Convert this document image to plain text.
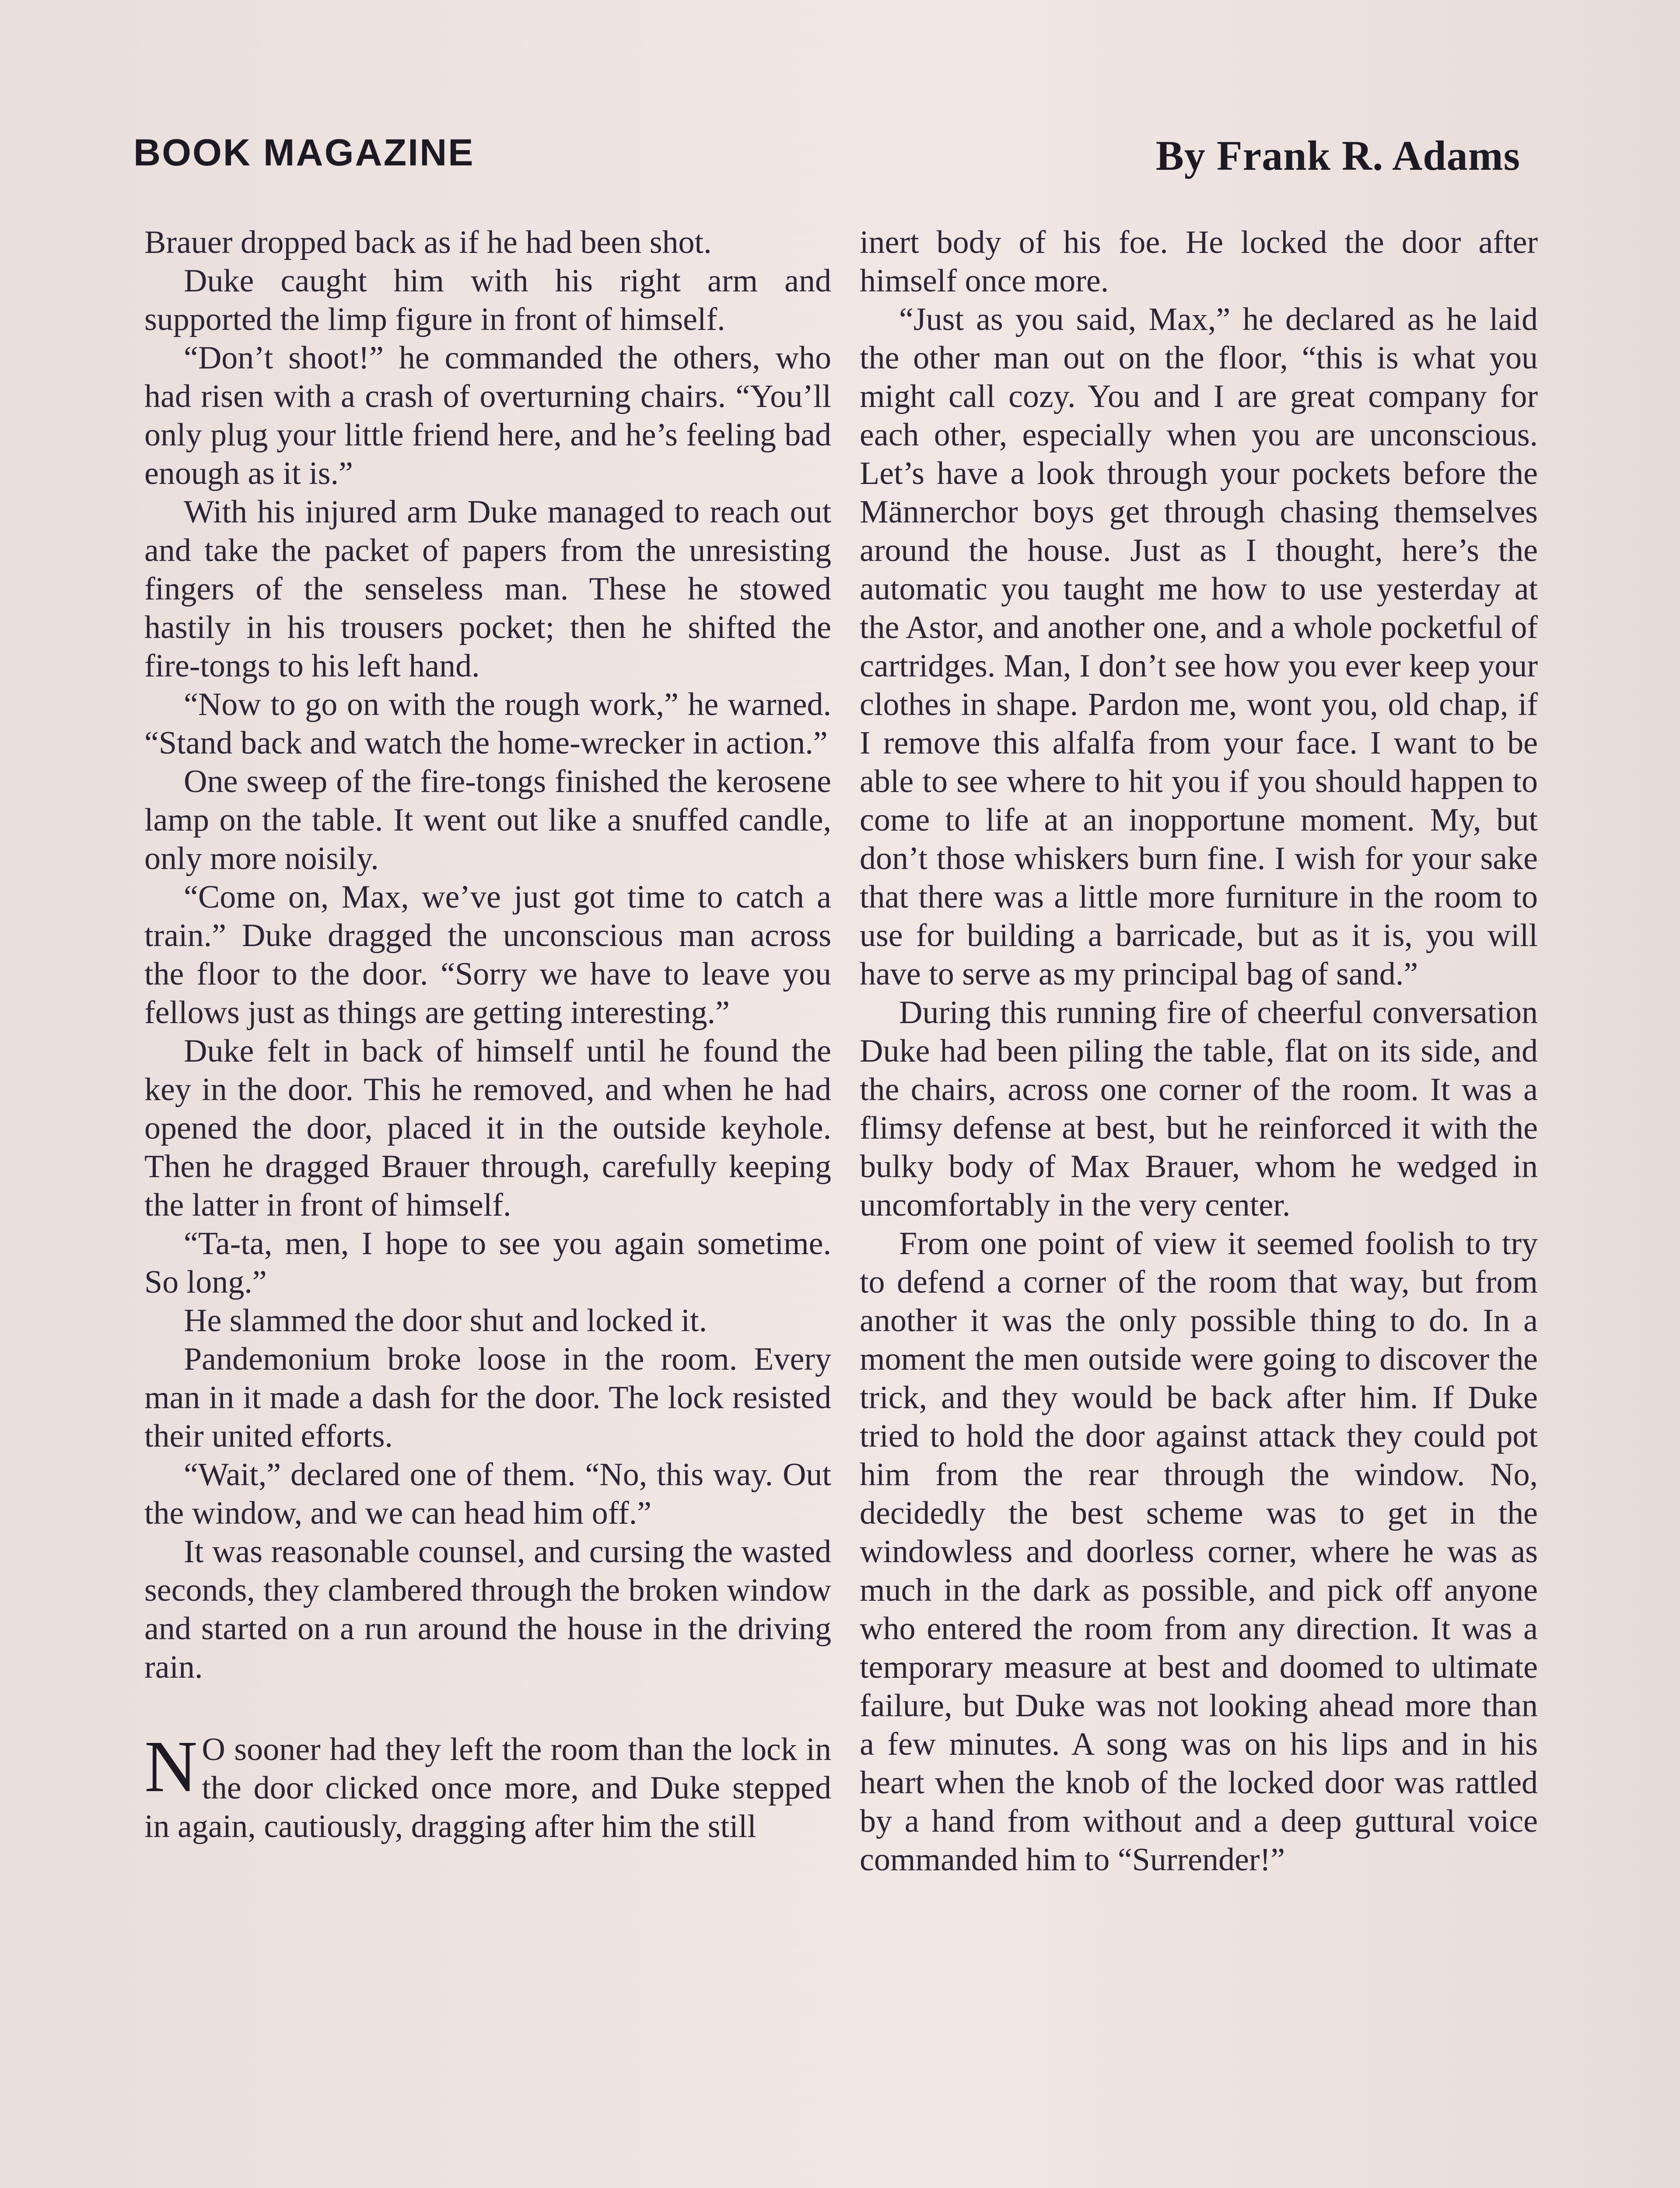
BOOK MAGAZINE	By Frank R. Adams

Brauer dropped back as if he had been shot.

Duke caught him with his right arm and supported the limp figure in front of himself.

“Don’t shoot!” he commanded the others, who had risen with a crash of overturning chairs. “You’ll only plug your little friend here, and he’s feeling bad enough as it is.”

With his injured arm Duke managed to reach out and take the packet of papers from the unresisting fingers of the senseless man. These he stowed hastily in his trousers pocket; then he shifted the fire-tongs to his left hand.

“Now to go on with the rough work,” he warned. “Stand back and watch the home-wrecker in action.”

One sweep of the fire-tongs finished the kerosene lamp on the table. It went out like a snuffed candle, only more noisily.

“Come on, Max, we’ve just got time to catch a train.” Duke dragged the unconscious man across the floor to the door. “Sorry we have to leave you fellows just as things are getting interesting.”

Duke felt in back of himself until he found the key in the door. This he removed, and when he had opened the door, placed it in the outside keyhole. Then he dragged Brauer through, carefully keeping the latter in front of himself.

“Ta-ta, men, I hope to see you again sometime. So long.”

He slammed the door shut and locked it.

Pandemonium broke loose in the room. Every man in it made a dash for the door. The lock resisted their united efforts.

“Wait,” declared one of them. “No, this way. Out the window, and we can head him off.”

It was reasonable counsel, and cursing the wasted seconds, they clambered through the broken window and started on a run around the house in the driving rain.

N O sooner had they left the room than the lock in the door clicked once more, and Duke stepped in again, cautiously, dragging after him the still

inert body of his foe. He locked the door after himself once more.

“Just as you said, Max,” he declared as he laid the other man out on the floor, “this is what you might call cozy. You and I are great company for each other, especially when you are unconscious. Let’s have a look through your pockets before the Männerchor boys get through chasing themselves around the house. Just as I thought, here’s the automatic you taught me how to use yesterday at the Astor, and another one, and a whole pocketful of cartridges. Man, I don’t see how you ever keep your clothes in shape. Pardon me, wont you, old chap, if I remove this alfalfa from your face. I want to be able to see where to hit you if you should happen to come to life at an inopportune moment. My, but don’t those whiskers burn fine. I wish for your sake that there was a little more furniture in the room to use for building a barricade, but as it is, you will have to serve as my principal bag of sand.”

During this running fire of cheerful conversation Duke had been piling the table, flat on its side, and the chairs, across one corner of the room. It was a flimsy defense at best, but he reinforced it with the bulky body of Max Brauer, whom he wedged in uncomfortably in the very center.

From one point of view it seemed foolish to try to defend a corner of the room that way, but from another it was the only possible thing to do. In a moment the men outside were going to discover the trick, and they would be back after him. If Duke tried to hold the door against attack they could pot him from the rear through the window. No, decidedly the best scheme was to get in the windowless and doorless corner, where he was as much in the dark as possible, and pick off anyone who entered the room from any direction. It was a temporary measure at best and doomed to ultimate failure, but Duke was not looking ahead more than a few minutes. A song was on his lips and in his heart when the knob of the locked door was rattled by a hand from without and a deep guttural voice commanded him to “Surrender!”
